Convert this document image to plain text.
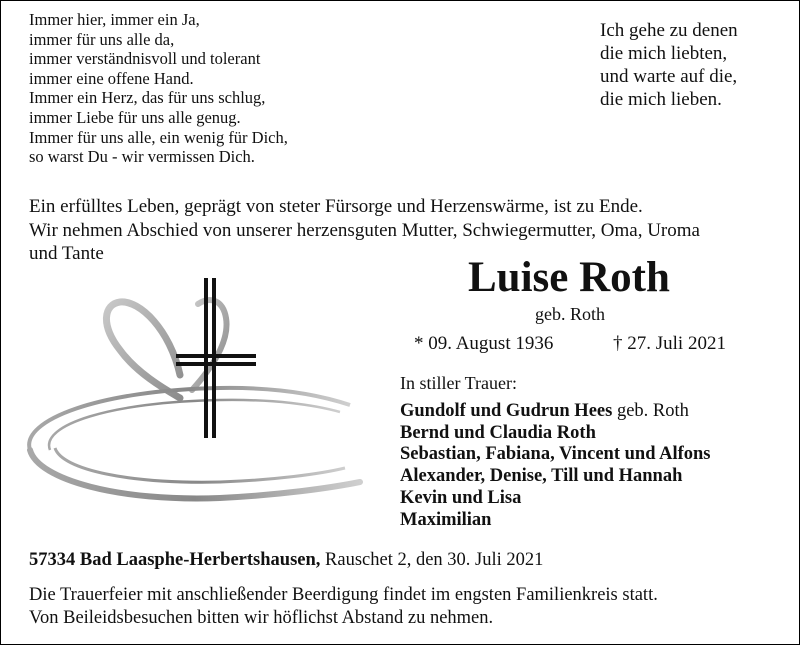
Immer hier, immer ein Ja,
immer für uns alle da,
immer verständnisvoll und tolerant
immer eine offene Hand.
Immer ein Herz, das für uns schlug,
immer Liebe für uns alle genug.
Immer für uns alle, ein wenig für Dich,
so warst Du - wir vermissen Dich.
Ich gehe zu denen
die mich liebten,
und warte auf die,
die mich lieben.
Ein erfülltes Leben, geprägt von steter Fürsorge und Herzenswärme, ist zu Ende.
Wir nehmen Abschied von unserer herzensguten Mutter, Schwiegermutter, Oma, Uroma
und Tante
Luise Roth
geb. Roth
* 09. August 1936	† 27. Juli 2021
In stiller Trauer:
Gundolf und Gudrun Hees geb. Roth
Bernd und Claudia Roth
Sebastian, Fabiana, Vincent und Alfons
Alexander, Denise, Till und Hannah
Kevin und Lisa
Maximilian
57334 Bad Laasphe-Herbertshausen, Rauschet 2, den 30. Juli 2021
Die Trauerfeier mit anschließender Beerdigung findet im engsten Familienkreis statt.
Von Beileidsbesuchen bitten wir höflichst Abstand zu nehmen.
